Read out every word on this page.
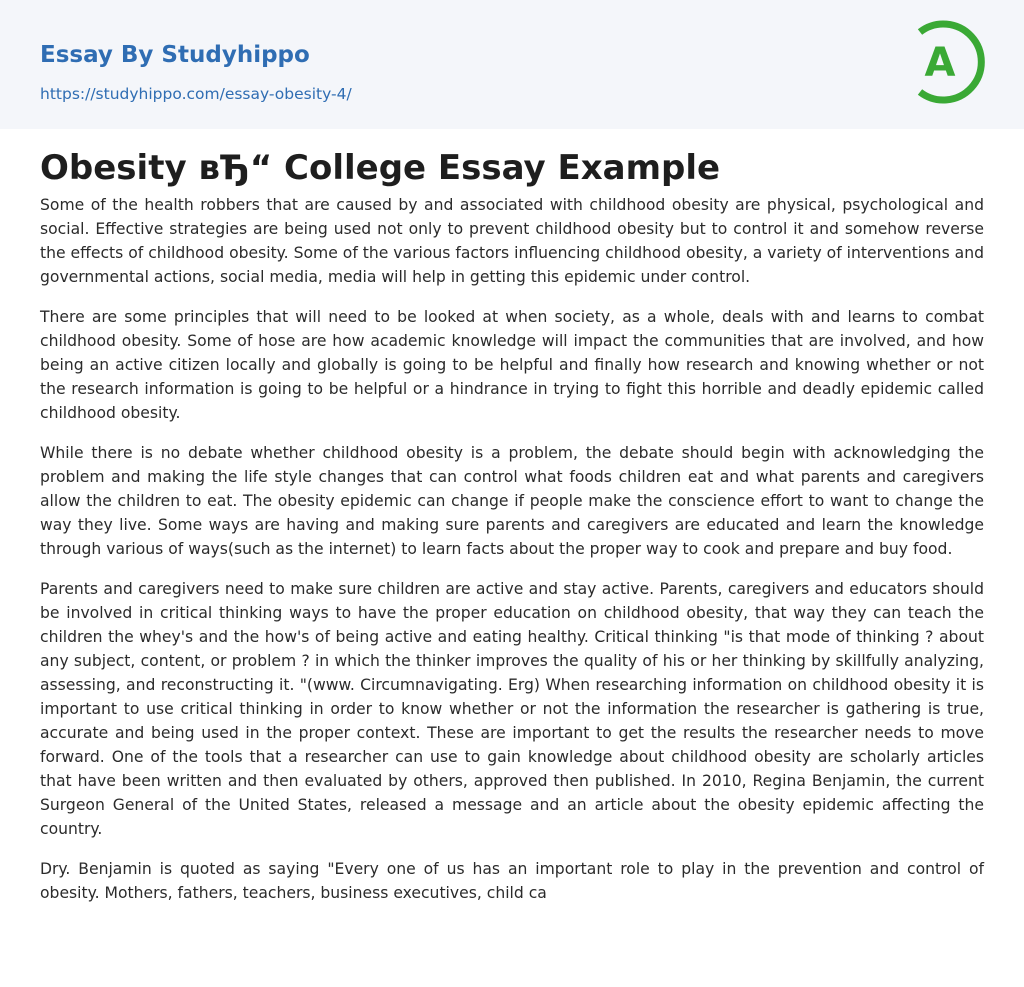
Essay By Studyhippo
https://studyhippo.com/essay-obesity-4/
A
Obesity вЂ“ College Essay Example

Some of the health robbers that are caused by and associated with childhood obesity are physical, psychological and social. Effective strategies are being used not only to prevent childhood obesity but to control it and somehow reverse the effects of childhood obesity. Some of the various factors influencing childhood obesity, a variety of interventions and governmental actions, social media, media will help in getting this epidemic under control.

There are some principles that will need to be looked at when society, as a whole, deals with and learns to combat childhood obesity. Some of hose are how academic knowledge will impact the communities that are involved, and how being an active citizen locally and globally is going to be helpful and finally how research and knowing whether or not the research information is going to be helpful or a hindrance in trying to fight this horrible and deadly epidemic called childhood obesity.

While there is no debate whether childhood obesity is a problem, the debate should begin with acknowledging the problem and making the life style changes that can control what foods children eat and what parents and caregivers allow the children to eat. The obesity epidemic can change if people make the conscience effort to want to change the way they live. Some ways are having and making sure parents and caregivers are educated and learn the knowledge through various of ways(such as the internet) to learn facts about the proper way to cook and prepare and buy food.

Parents and caregivers need to make sure children are active and stay active. Parents, caregivers and educators should be involved in critical thinking ways to have the proper education on childhood obesity, that way they can teach the children the whey's and the how's of being active and eating healthy. Critical thinking "is that mode of thinking ? about any subject, content, or problem ? in which the thinker improves the quality of his or her thinking by skillfully analyzing, assessing, and reconstructing it. "(www. Circumnavigating. Erg) When researching information on childhood obesity it is important to use critical thinking in order to know whether or not the information the researcher is gathering is true, accurate and being used in the proper context. These are important to get the results the researcher needs to move forward. One of the tools that a researcher can use to gain knowledge about childhood obesity are scholarly articles that have been written and then evaluated by others, approved then published. In 2010, Regina Benjamin, the current Surgeon General of the United States, released a message and an article about the obesity epidemic affecting the country.

Dry. Benjamin is quoted as saying "Every one of us has an important role to play in the prevention and control of obesity. Mothers, fathers, teachers, business executives, child ca
